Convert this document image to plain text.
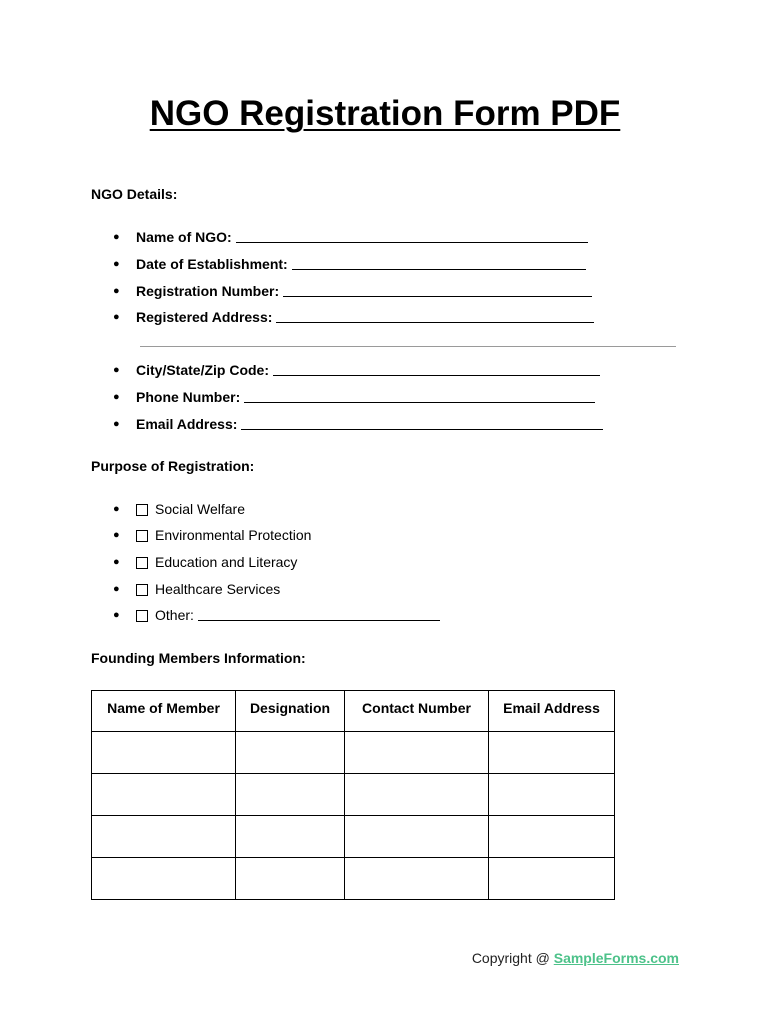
NGO Registration Form PDF
NGO Details:
●	Name of NGO:
●	Date of Establishment:
●	Registration Number:
●	Registered Address:
●	City/State/Zip Code:
●	Phone Number:
●	Email Address:
Purpose of Registration:
●	Social Welfare
●	Environmental Protection
●	Education and Literacy
●	Healthcare Services
●	Other:
Founding Members Information:
Name of Member	Designation	Contact Number	Email Address

Copyright @ SampleForms.com
